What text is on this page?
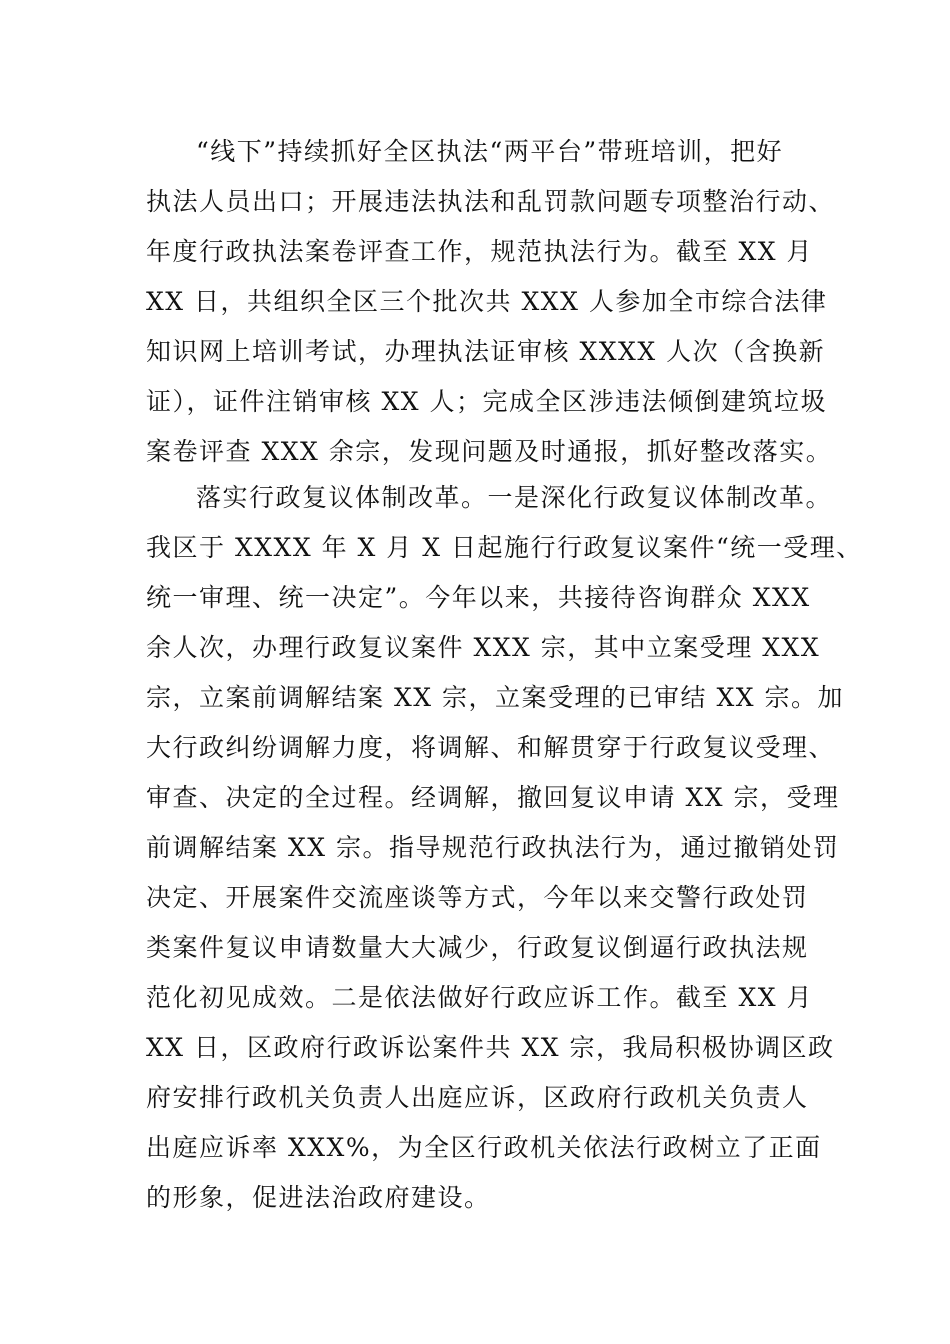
“线下”持续抓好全区执法“两平台”带班培训，把好
执法人员出口；开展违法执法和乱罚款问题专项整治行动、
年度行政执法案卷评查工作，规范执法行为。截至 XX 月
XX 日，共组织全区三个批次共 XXX 人参加全市综合法律
知识网上培训考试，办理执法证审核 XXXX 人次（含换新
证），证件注销审核 XX 人；完成全区涉违法倾倒建筑垃圾
案卷评查 XXX 余宗，发现问题及时通报，抓好整改落实。
落实行政复议体制改革。一是深化行政复议体制改革。
我区于 XXXX 年 X 月 X 日起施行行政复议案件“统一受理、
统一审理、统一决定”。今年以来，共接待咨询群众 XXX
余人次，办理行政复议案件 XXX 宗，其中立案受理 XXX
宗，立案前调解结案 XX 宗，立案受理的已审结 XX 宗。加
大行政纠纷调解力度，将调解、和解贯穿于行政复议受理、
审查、决定的全过程。经调解，撤回复议申请 XX 宗，受理
前调解结案 XX 宗。指导规范行政执法行为，通过撤销处罚
决定、开展案件交流座谈等方式，今年以来交警行政处罚
类案件复议申请数量大大减少，行政复议倒逼行政执法规
范化初见成效。二是依法做好行政应诉工作。截至 XX 月
XX 日，区政府行政诉讼案件共 XX 宗，我局积极协调区政
府安排行政机关负责人出庭应诉，区政府行政机关负责人
出庭应诉率 XXX%，为全区行政机关依法行政树立了正面
的形象，促进法治政府建设。
